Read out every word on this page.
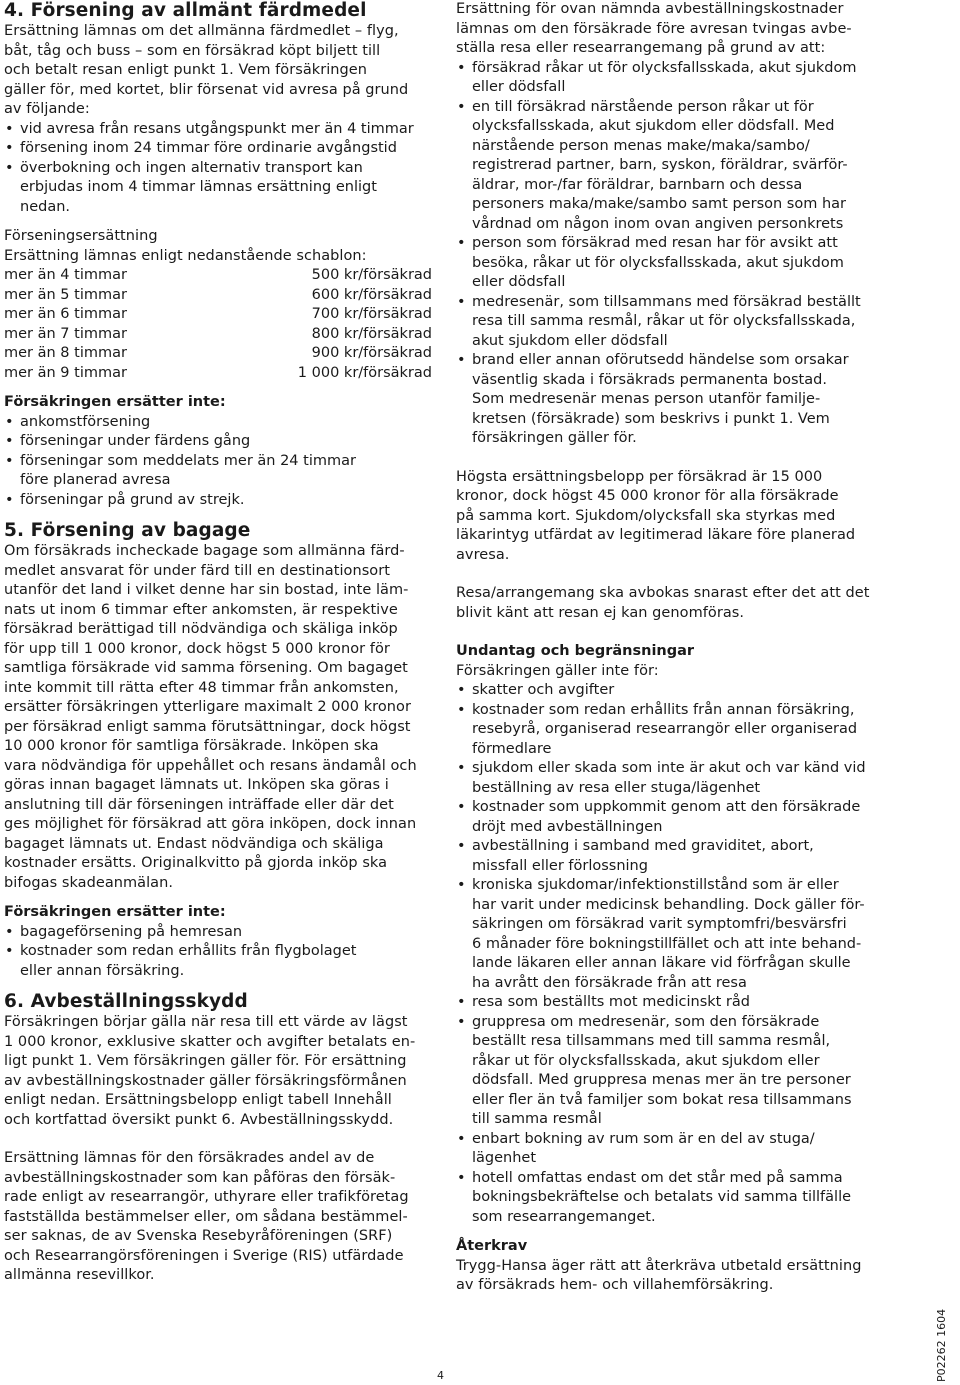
4. Försening av allmänt färdmedel
Ersättning lämnas om det allmänna färdmedlet – flyg,
båt, tåg och buss – som en försäkrad köpt biljett till
och betalt resan enligt punkt 1. Vem försäkringen
gäller för, med kortet, blir försenat vid avresa på grund
av följande:
• vid avresa från resans utgångspunkt mer än 4 timmar
• försening inom 24 timmar före ordinarie avgångstid
• överbokning och ingen alternativ transport kan
erbjudas inom 4 timmar lämnas ersättning enligt
nedan.

Förseningsersättning

Ersättning lämnas enligt nedanstående schablon:

mer än 4 timmar	500 kr/försäkrad
mer än 5 timmar	600 kr/försäkrad
mer än 6 timmar	700 kr/försäkrad
mer än 7 timmar	800 kr/försäkrad
mer än 8 timmar	900 kr/försäkrad
mer än 9 timmar	1 000 kr/försäkrad

Försäkringen ersätter inte:

• ankomstförsening
• förseningar under färdens gång
• förseningar som meddelats mer än 24 timmar
före planerad avresa
• förseningar på grund av strejk.
5. Försening av bagage
Om försäkrads incheckade bagage som allmänna färd-
medlet ansvarat för under färd till en destinationsort
utanför det land i vilket denne har sin bostad, inte läm-
nats ut inom 6 timmar efter ankomsten, är respektive
försäkrad berättigad till nödvändiga och skäliga inköp
för upp till 1 000 kronor, dock högst 5 000 kronor för
samtliga försäkrade vid samma försening. Om bagaget
inte kommit till rätta efter 48 timmar från ankomsten,
ersätter försäkringen ytterligare maximalt 2 000 kronor
per försäkrad enligt samma förutsättningar, dock högst
10 000 kronor för samtliga försäkrade. Inköpen ska
vara nödvändiga för uppehållet och resans ändamål och
göras innan bagaget lämnats ut. Inköpen ska göras i
anslutning till där förseningen inträffade eller där det
ges möjlighet för försäkrad att göra inköpen, dock innan
bagaget lämnats ut. Endast nödvändiga och skäliga
kostnader ersätts. Originalkvitto på gjorda inköp ska
bifogas skadeanmälan.

Försäkringen ersätter inte:

• bagageförsening på hemresan
• kostnader som redan erhållits från flygbolaget
eller annan försäkring.
6. Avbeställningsskydd
Försäkringen börjar gälla när resa till ett värde av lägst
1 000 kronor, exklusive skatter och avgifter betalats en-
ligt punkt 1. Vem försäkringen gäller för. För ersättning
av avbeställningskostnader gäller försäkringsförmånen
enligt nedan. Ersättningsbelopp enligt tabell Innehåll
och kortfattad översikt punkt 6. Avbeställningsskydd.
Ersättning lämnas för den försäkrades andel av de
avbeställningskostnader som kan påföras den försäk-
rade enligt av researrangör, uthyrare eller trafikföretag
fastställda bestämmelser eller, om sådana bestämmel-
ser saknas, de av Svenska Resebyråföreningen (SRF)
och Researrangörsföreningen i Sverige (RIS) utfärdade
allmänna resevillkor.
Ersättning för ovan nämnda avbeställningskostnader
lämnas om den försäkrade före avresan tvingas avbe-
ställa resa eller researrangemang på grund av att:
• försäkrad råkar ut för olycksfallsskada, akut sjukdom
eller dödsfall
• en till försäkrad närstående person råkar ut för
olycksfallsskada, akut sjukdom eller dödsfall. Med
närstående person menas make/maka/sambo/
registrerad partner, barn, syskon, föräldrar, svärför-
äldrar, mor-/far föräldrar, barnbarn och dessa
personers maka/make/sambo samt person som har
vårdnad om någon inom ovan angiven personkrets
• person som försäkrad med resan har för avsikt att
besöka, råkar ut för olycksfallsskada, akut sjukdom
eller dödsfall
• medresenär, som tillsammans med försäkrad beställt
resa till samma resmål, råkar ut för olycksfallsskada,
akut sjukdom eller dödsfall
• brand eller annan oförutsedd händelse som orsakar
väsentlig skada i försäkrads permanenta bostad.
Som medresenär menas person utanför familje-
kretsen (försäkrade) som beskrivs i punkt 1. Vem
försäkringen gäller för.
Högsta ersättningsbelopp per försäkrad är 15 000
kronor, dock högst 45 000 kronor för alla försäkrade
på samma kort. Sjukdom/olycksfall ska styrkas med
läkarintyg utfärdat av legitimerad läkare före planerad
avresa.
Resa/arrangemang ska avbokas snarast efter det att det
blivit känt att resan ej kan genomföras.

Undantag och begränsningar

Försäkringen gäller inte för:

• skatter och avgifter
• kostnader som redan erhållits från annan försäkring,
resebyrå, organiserad researrangör eller organiserad
förmedlare
• sjukdom eller skada som inte är akut och var känd vid
beställning av resa eller stuga/lägenhet
• kostnader som uppkommit genom att den försäkrade
dröjt med avbeställningen
• avbeställning i samband med graviditet, abort,
missfall eller förlossning
• kroniska sjukdomar/infektionstillstånd som är eller
har varit under medicinsk behandling. Dock gäller för-
säkringen om försäkrad varit symptomfri/besvärsfri
6 månader före bokningstillfället och att inte behand-
lande läkaren eller annan läkare vid förfrågan skulle
ha avrått den försäkrade från att resa
• resa som beställts mot medicinskt råd
• gruppresa om medresenär, som den försäkrade
beställt resa tillsammans med till samma resmål,
råkar ut för olycksfallsskada, akut sjukdom eller
dödsfall. Med gruppresa menas mer än tre personer
eller fler än två familjer som bokat resa tillsammans
till samma resmål
• enbart bokning av rum som är en del av stuga/
lägenhet
• hotell omfattas endast om det står med på samma
bokningsbekräftelse och betalats vid samma tillfälle
som researrangemanget.

Återkrav

Trygg-Hansa äger rätt att återkräva utbetald ersättning
av försäkrads hem- och villahemförsäkring.
4	P02262 1604
